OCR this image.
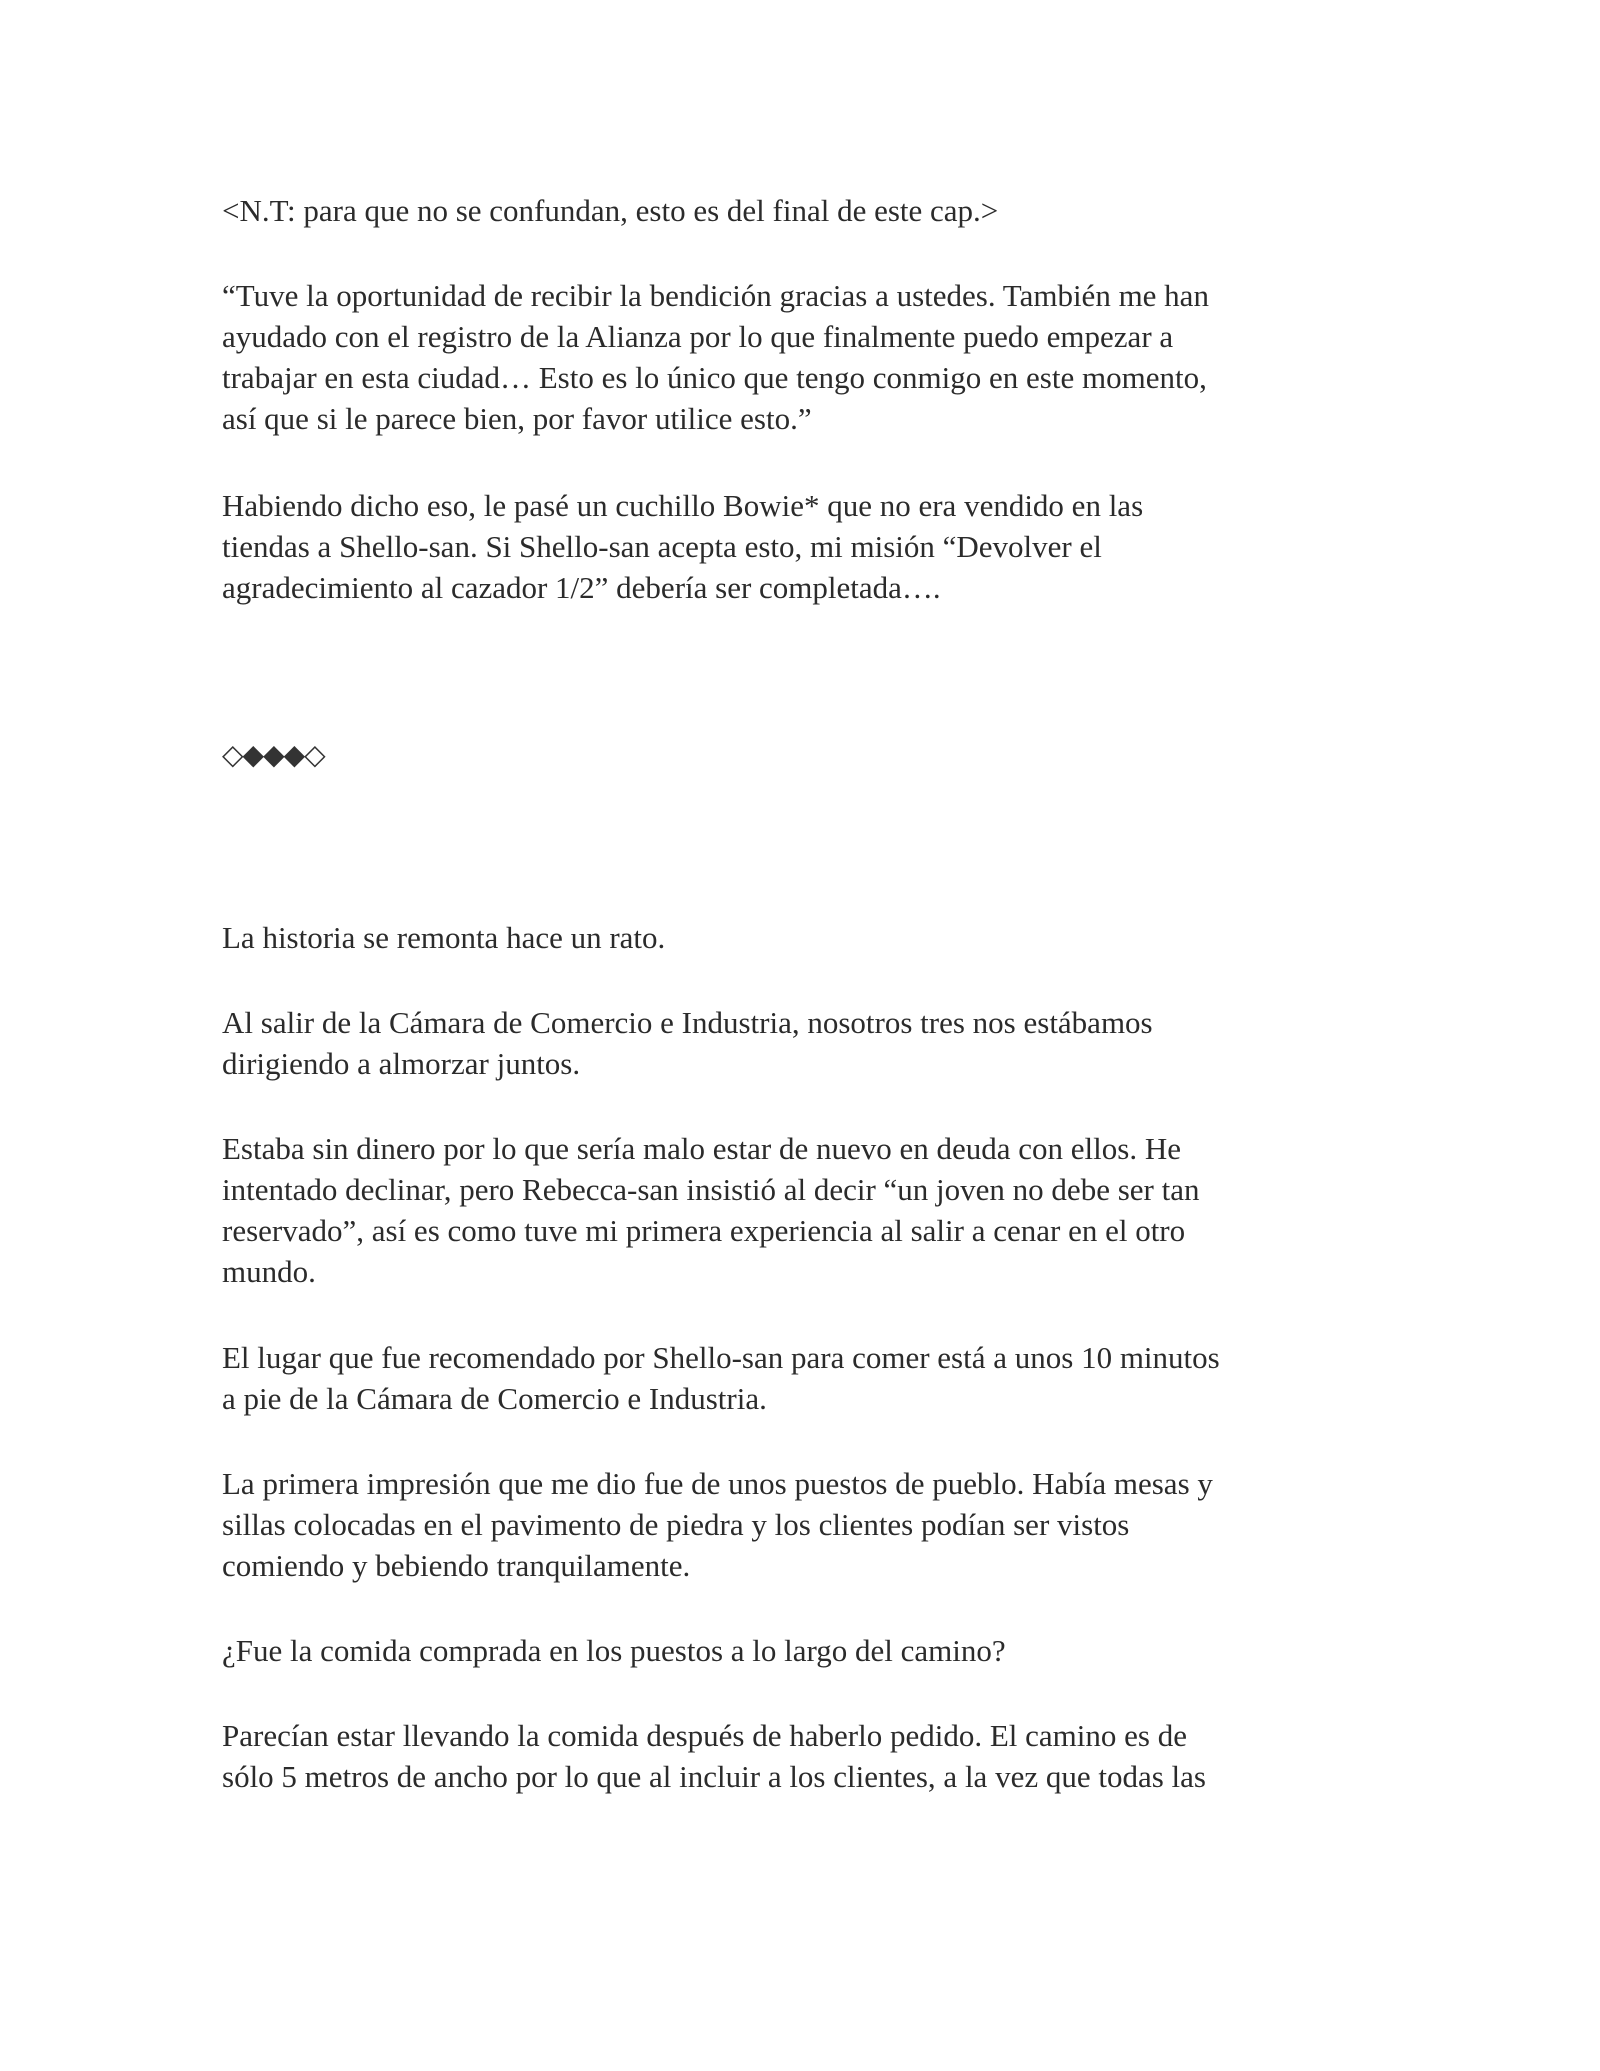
<N.T: para que no se confundan, esto es del final de este cap.>

“Tuve la oportunidad de recibir la bendición gracias a ustedes. También me han
ayudado con el registro de la Alianza por lo que finalmente puedo empezar a
trabajar en esta ciudad… Esto es lo único que tengo conmigo en este momento,
así que si le parece bien, por favor utilice esto.”

Habiendo dicho eso, le pasé un cuchillo Bowie* que no era vendido en las
tiendas a Shello-san. Si Shello-san acepta esto, mi misión “Devolver el
agradecimiento al cazador 1/2” debería ser completada….

◇◆◆◆◇

La historia se remonta hace un rato.

Al salir de la Cámara de Comercio e Industria, nosotros tres nos estábamos
dirigiendo a almorzar juntos.

Estaba sin dinero por lo que sería malo estar de nuevo en deuda con ellos. He
intentado declinar, pero Rebecca-san insistió al decir “un joven no debe ser tan
reservado”, así es como tuve mi primera experiencia al salir a cenar en el otro
mundo.

El lugar que fue recomendado por Shello-san para comer está a unos 10 minutos
a pie de la Cámara de Comercio e Industria.

La primera impresión que me dio fue de unos puestos de pueblo. Había mesas y
sillas colocadas en el pavimento de piedra y los clientes podían ser vistos
comiendo y bebiendo tranquilamente.

¿Fue la comida comprada en los puestos a lo largo del camino?

Parecían estar llevando la comida después de haberlo pedido. El camino es de
sólo 5 metros de ancho por lo que al incluir a los clientes, a la vez que todas las
